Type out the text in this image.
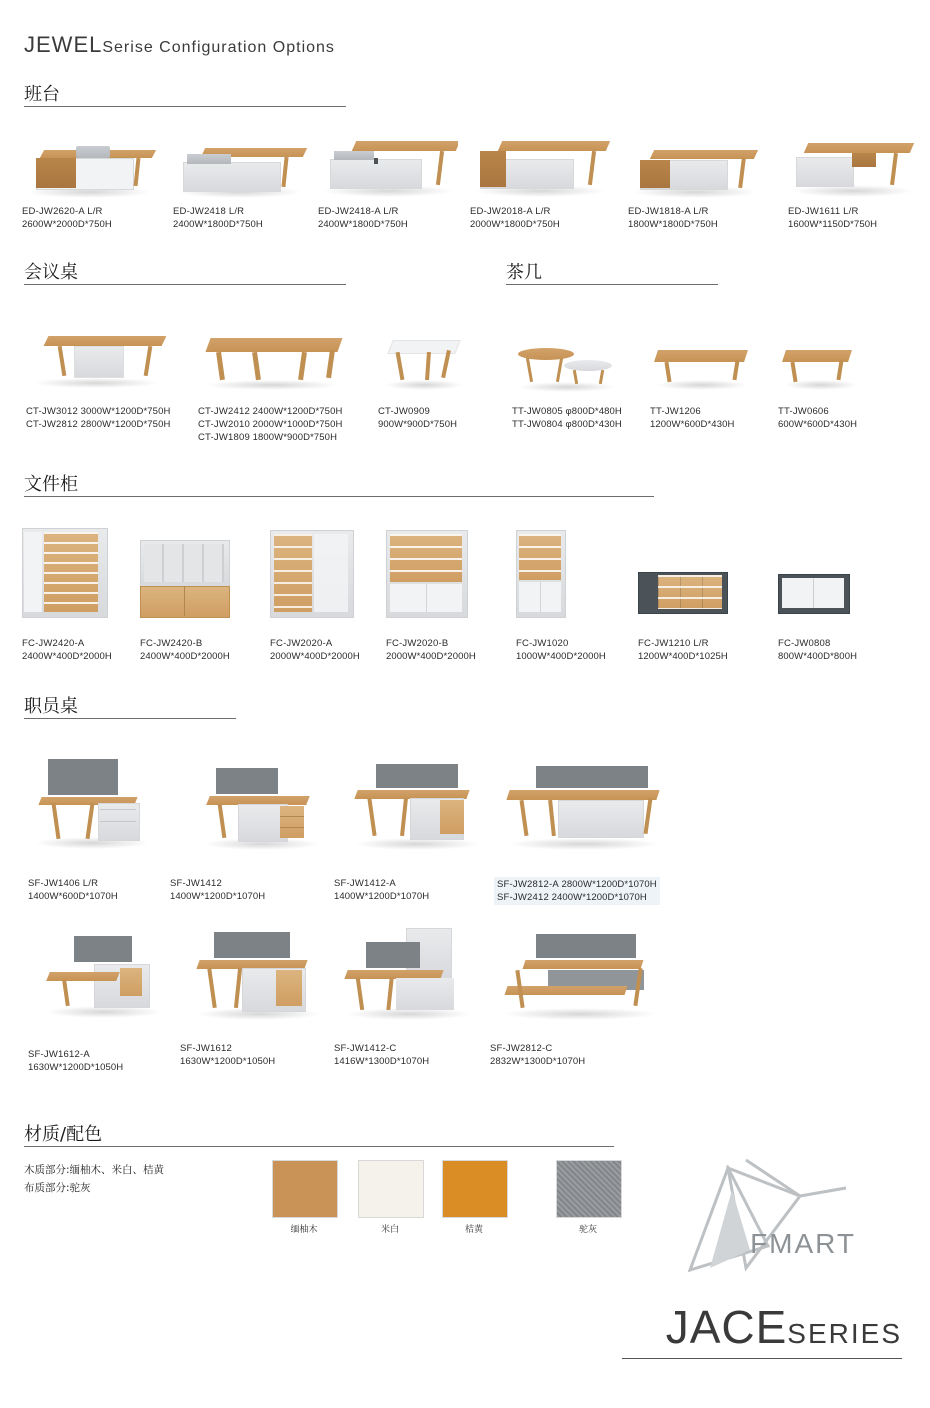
JEWELSerise Configuration Options
班台
ED-JW2620-A L/R
2600W*2000D*750H
ED-JW2418 L/R
2400W*1800D*750H
ED-JW2418-A L/R
2400W*1800D*750H
ED-JW2018-A L/R
2000W*1800D*750H
ED-JW1818-A L/R
1800W*1800D*750H
ED-JW1611 L/R
1600W*1150D*750H
会议桌	茶几
CT-JW3012 3000W*1200D*750H
CT-JW2812 2800W*1200D*750H
CT-JW2412 2400W*1200D*750H
CT-JW2010 2000W*1000D*750H
CT-JW1809 1800W*900D*750H
CT-JW0909
900W*900D*750H
TT-JW0805 φ800D*480H
TT-JW0804 φ800D*430H
TT-JW1206
1200W*600D*430H
TT-JW0606
600W*600D*430H
文件柜
FC-JW2420-A
2400W*400D*2000H
FC-JW2420-B
2400W*400D*2000H
FC-JW2020-A
2000W*400D*2000H
FC-JW2020-B
2000W*400D*2000H
FC-JW1020
1000W*400D*2000H
FC-JW1210 L/R
1200W*400D*1025H
FC-JW0808
800W*400D*800H
职员桌
SF-JW1406 L/R
1400W*600D*1070H
SF-JW1412
1400W*1200D*1070H
SF-JW1412-A
1400W*1200D*1070H
SF-JW2812-A 2800W*1200D*1070H
SF-JW2412 2400W*1200D*1070H
SF-JW1612-A
1630W*1200D*1050H
SF-JW1612
1630W*1200D*1050H
SF-JW1412-C
1416W*1300D*1070H
SF-JW2812-C
2832W*1300D*1070H
材质/配色
木质部分:缅柚木、米白、桔黄
布质部分:驼灰
缅柚木	米白	桔黄	驼灰	FMART
JACESERIES
